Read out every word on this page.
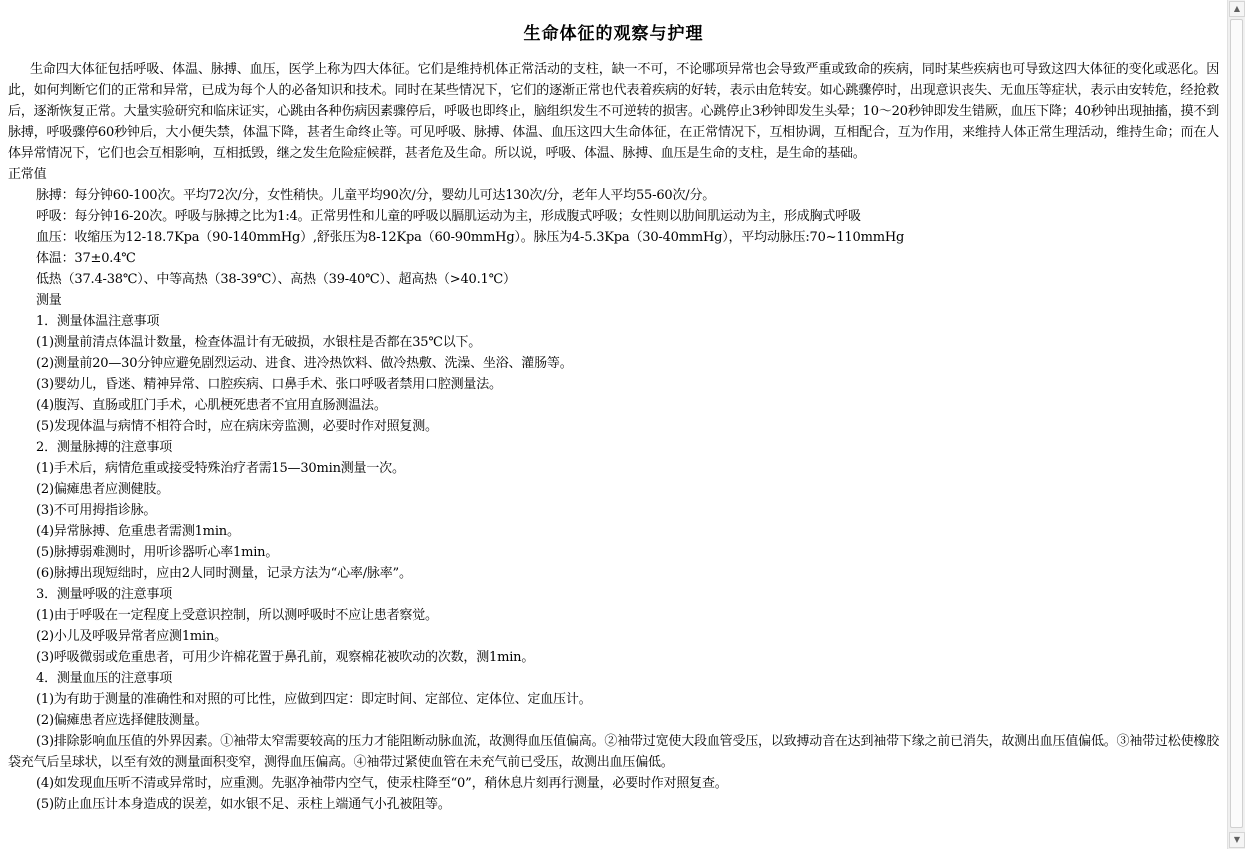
生命体征的观察与护理

生命四大体征包括呼吸、体温、脉搏、血压，医学上称为四大体征。它们是维持机体正常活动的支柱，缺一不可，不论哪项异常也会导致严重或致命的疾病，同时某些疾病也可导致这四大体征的变化或恶化。因此，如何判断它们的正常和异常，已成为每个人的必备知识和技术。同时在某些情况下，它们的逐渐正常也代表着疾病的好转，表示由危转安。如心跳骤停时，出现意识丧失、无血压等症状，表示由安转危，经抢救后，逐渐恢复正常。大量实验研究和临床证实，心跳由各种伤病因素骤停后，呼吸也即终止，脑组织发生不可逆转的损害。心跳停止3秒钟即发生头晕；10～20秒钟即发生错厥，血压下降；40秒钟出现抽搐，摸不到脉搏，呼吸骤停60秒钟后，大小便失禁，体温下降，甚者生命终止等。可见呼吸、脉搏、体温、血压这四大生命体征，在正常情况下，互相协调，互相配合，互为作用，来维持人体正常生理活动，维持生命；而在人体异常情况下，它们也会互相影响，互相抵毁，继之发生危险症候群，甚者危及生命。所以说，呼吸、体温、脉搏、血压是生命的支柱，是生命的基础。

正常值
脉搏：每分钟60-100次。平均72次/分，女性稍快。儿童平均90次/分，婴幼儿可达130次/分，老年人平均55-60次/分。
呼吸：每分钟16-20次。呼吸与脉搏之比为1:4。正常男性和儿童的呼吸以膈肌运动为主，形成腹式呼吸；女性则以肋间肌运动为主，形成胸式呼吸
血压：收缩压为12-18.7Kpa（90-140mmHg）,舒张压为8-12Kpa（60-90mmHg）。脉压为4-5.3Kpa（30-40mmHg），平均动脉压:70~110mmHg
体温：37±0.4℃
低热（37.4-38℃）、中等高热（38-39℃）、高热（39-40℃）、超高热（>40.1℃）
测量
1．测量体温注意事项
(1)测量前清点体温计数量，检查体温计有无破损，水银柱是否都在35℃以下。
(2)测量前20—30分钟应避免剧烈运动、进食、进冷热饮料、做冷热敷、洗澡、坐浴、灌肠等。
(3)婴幼儿，昏迷、精神异常、口腔疾病、口鼻手术、张口呼吸者禁用口腔测量法。
(4)腹泻、直肠或肛门手术，心肌梗死患者不宜用直肠测温法。
(5)发现体温与病情不相符合时，应在病床旁监测，必要时作对照复测。
2．测量脉搏的注意事项
(1)手术后，病情危重或接受特殊治疗者需15—30min测量一次。
(2)偏瘫患者应测健肢。
(3)不可用拇指诊脉。
(4)异常脉搏、危重患者需测1min。
(5)脉搏弱难测时，用听诊器听心率1min。
(6)脉搏出现短绌时，应由2人同时测量，记录方法为“心率/脉率”。
3．测量呼吸的注意事项
(1)由于呼吸在一定程度上受意识控制，所以测呼吸时不应让患者察觉。
(2)小儿及呼吸异常者应测1min。
(3)呼吸微弱或危重患者，可用少许棉花置于鼻孔前，观察棉花被吹动的次数，测1min。
4．测量血压的注意事项
(1)为有助于测量的准确性和对照的可比性，应做到四定：即定时间、定部位、定体位、定血压计。
(2)偏瘫患者应选择健肢测量。
(3)排除影响血压值的外界因素。①袖带太窄需要较高的压力才能阻断动脉血流，故测得血压值偏高。②袖带过宽使大段血管受压，以致搏动音在达到袖带下缘之前已消失，故测出血压值偏低。③袖带过松使橡胶袋充气后呈球状，以至有效的测量面积变窄，测得血压偏高。④袖带过紧使血管在未充气前已受压，故测出血压偏低。
(4)如发现血压听不清或异常时，应重测。先驱净袖带内空气，使汞柱降至“0”，稍休息片刻再行测量，必要时作对照复查。
(5)防止血压计本身造成的误差，如水银不足、汞柱上端通气小孔被阻等。
▲
▼
